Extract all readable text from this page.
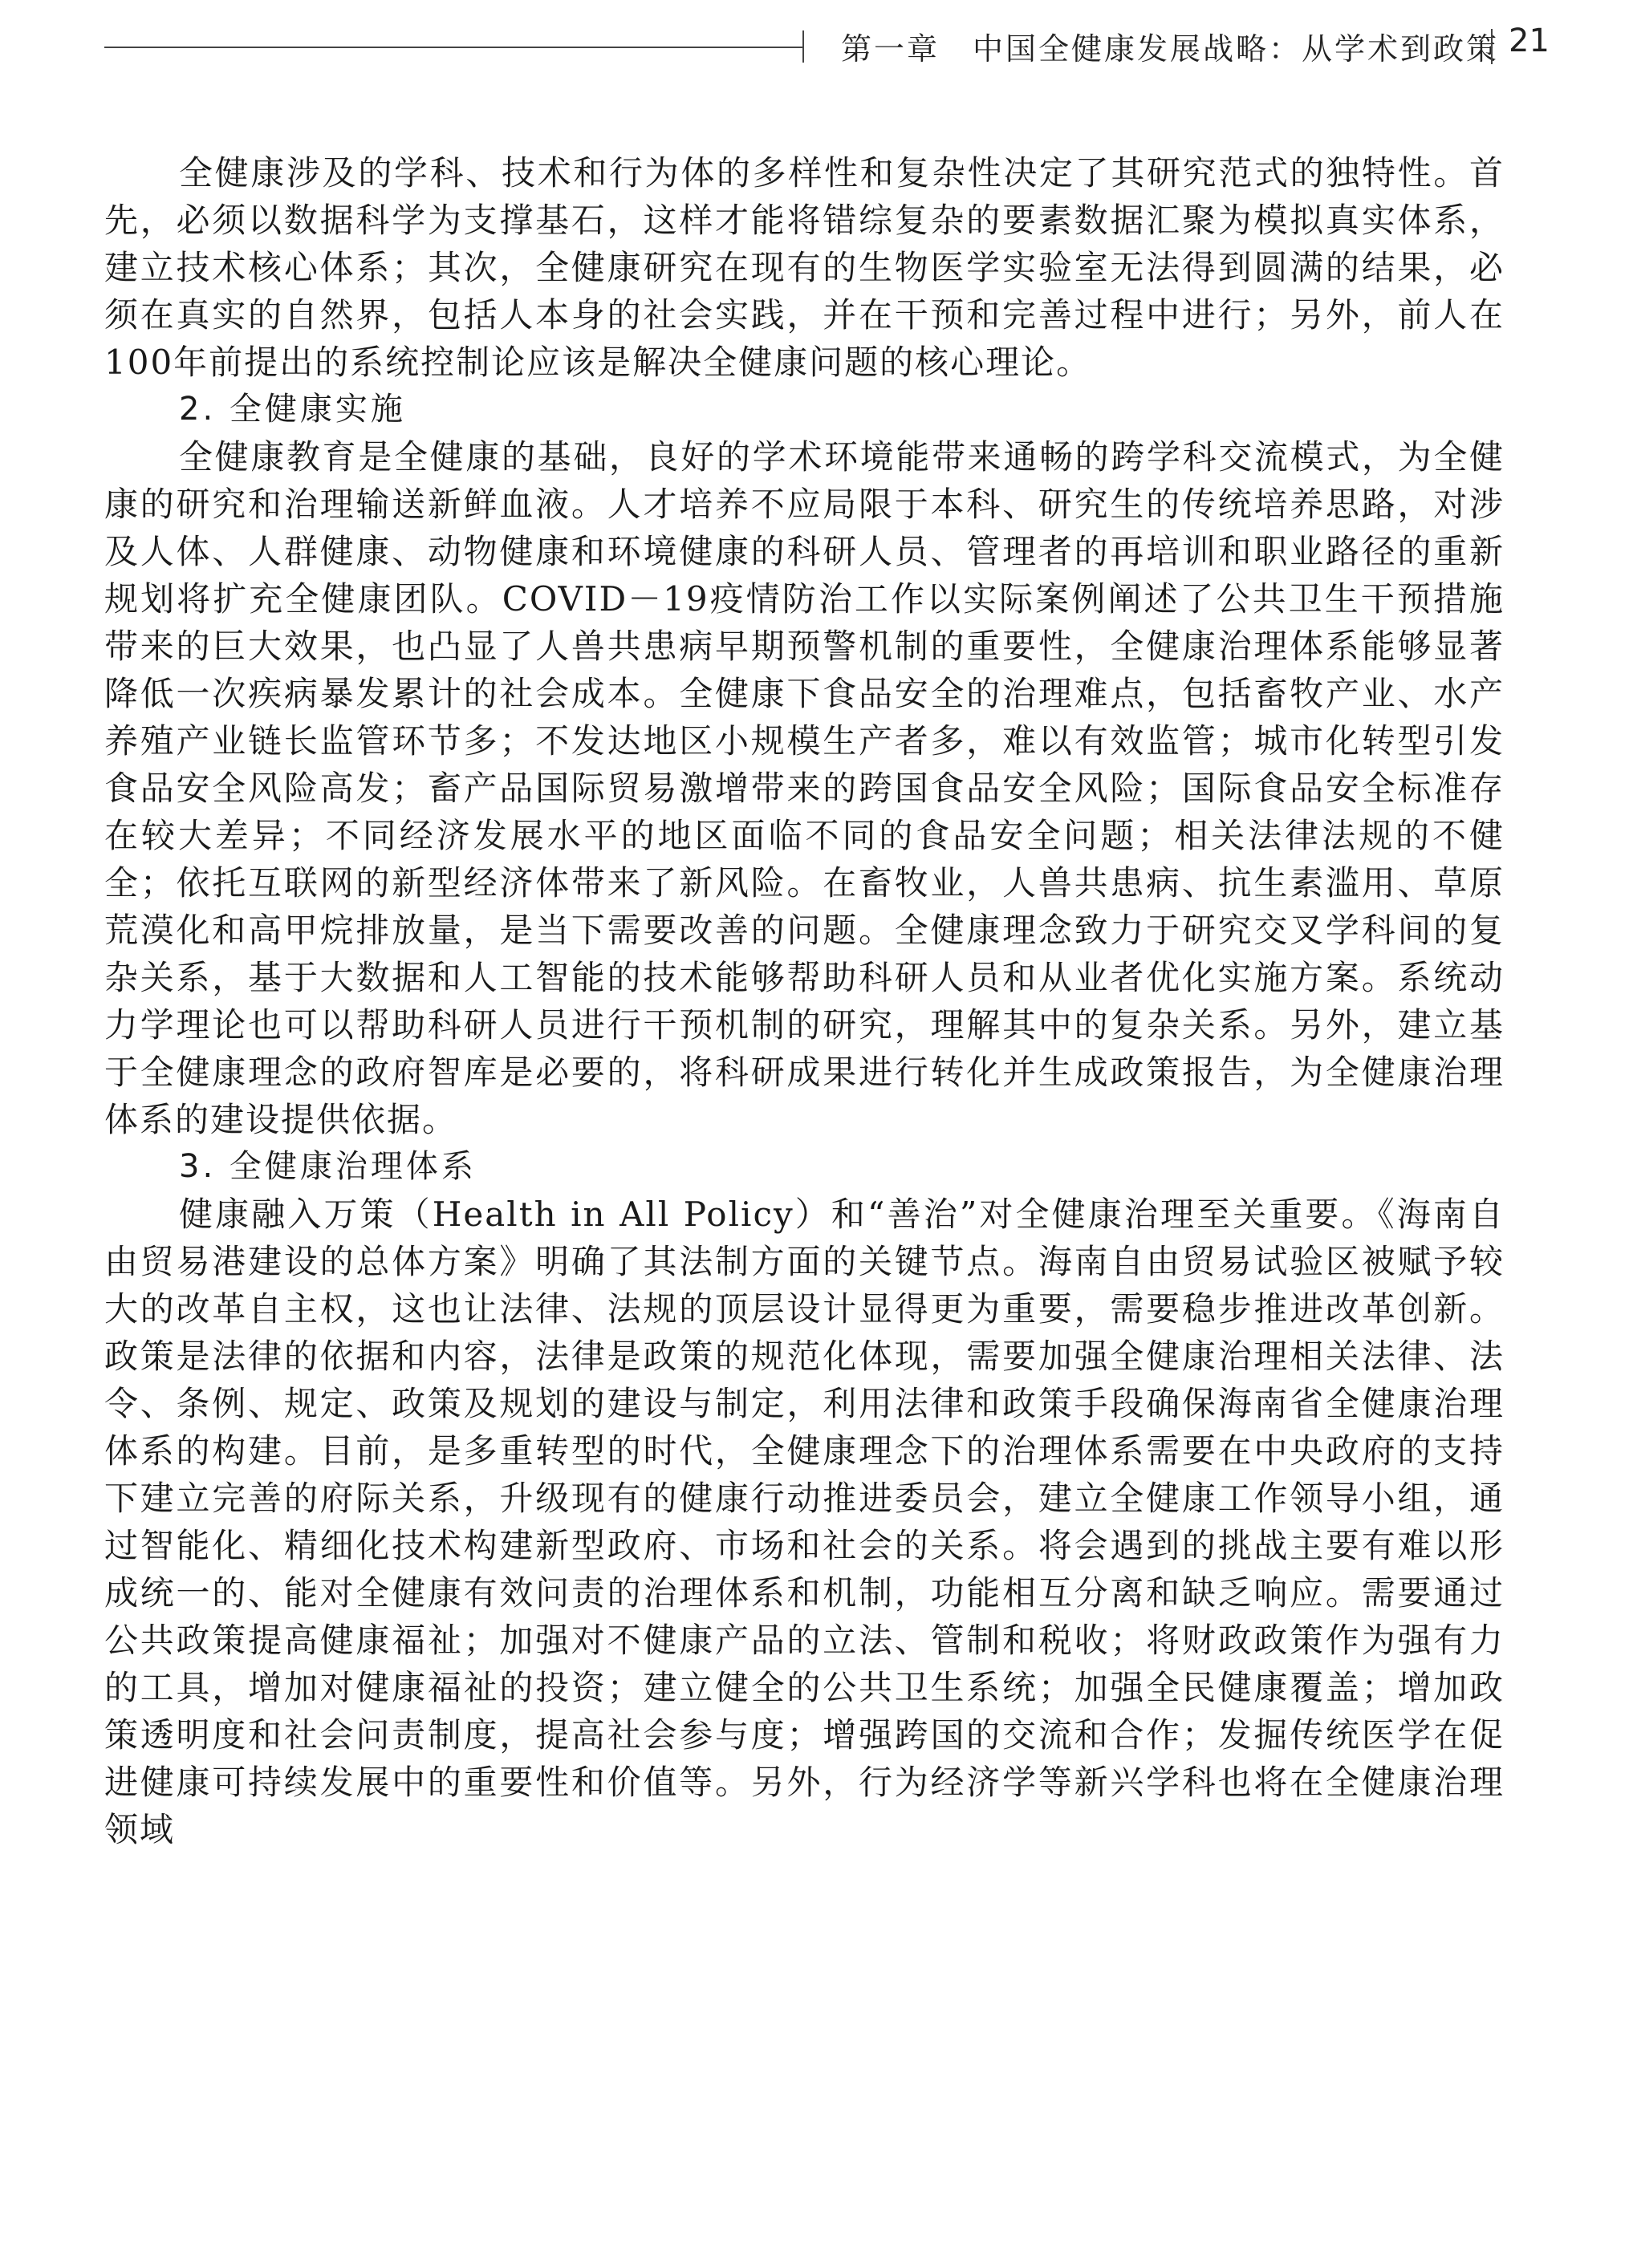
第一章　中国全健康发展战略：从学术到政策 21

全健康涉及的学科、技术和行为体的多样性和复杂性决定了其研究范式的独特性。首先，必须以数据科学为支撑基石，这样才能将错综复杂的要素数据汇聚为模拟真实体系，建立技术核心体系；其次，全健康研究在现有的生物医学实验室无法得到圆满的结果，必须在真实的自然界，包括人本身的社会实践，并在干预和完善过程中进行；另外，前人在100年前提出的系统控制论应该是解决全健康问题的核心理论。

2. 全健康实施

全健康教育是全健康的基础，良好的学术环境能带来通畅的跨学科交流模式，为全健康的研究和治理输送新鲜血液。人才培养不应局限于本科、研究生的传统培养思路，对涉及人体、人群健康、动物健康和环境健康的科研人员、管理者的再培训和职业路径的重新规划将扩充全健康团队。COVID－19疫情防治工作以实际案例阐述了公共卫生干预措施带来的巨大效果，也凸显了人兽共患病早期预警机制的重要性，全健康治理体系能够显著降低一次疾病暴发累计的社会成本。全健康下食品安全的治理难点，包括畜牧产业、水产养殖产业链长监管环节多；不发达地区小规模生产者多，难以有效监管；城市化转型引发食品安全风险高发；畜产品国际贸易激增带来的跨国食品安全风险；国际食品安全标准存在较大差异；不同经济发展水平的地区面临不同的食品安全问题；相关法律法规的不健全；依托互联网的新型经济体带来了新风险。在畜牧业，人兽共患病、抗生素滥用、草原荒漠化和高甲烷排放量，是当下需要改善的问题。全健康理念致力于研究交叉学科间的复杂关系，基于大数据和人工智能的技术能够帮助科研人员和从业者优化实施方案。系统动力学理论也可以帮助科研人员进行干预机制的研究，理解其中的复杂关系。另外，建立基于全健康理念的政府智库是必要的，将科研成果进行转化并生成政策报告，为全健康治理体系的建设提供依据。

3. 全健康治理体系

健康融入万策（Health in All Policy）和“善治”对全健康治理至关重要。《海南自由贸易港建设的总体方案》明确了其法制方面的关键节点。海南自由贸易试验区被赋予较大的改革自主权，这也让法律、法规的顶层设计显得更为重要，需要稳步推进改革创新。政策是法律的依据和内容，法律是政策的规范化体现，需要加强全健康治理相关法律、法令、条例、规定、政策及规划的建设与制定，利用法律和政策手段确保海南省全健康治理体系的构建。目前，是多重转型的时代，全健康理念下的治理体系需要在中央政府的支持下建立完善的府际关系，升级现有的健康行动推进委员会，建立全健康工作领导小组，通过智能化、精细化技术构建新型政府、市场和社会的关系。将会遇到的挑战主要有难以形成统一的、能对全健康有效问责的治理体系和机制，功能相互分离和缺乏响应。需要通过公共政策提高健康福祉；加强对不健康产品的立法、管制和税收；将财政政策作为强有力的工具，增加对健康福祉的投资；建立健全的公共卫生系统；加强全民健康覆盖；增加政策透明度和社会问责制度，提高社会参与度；增强跨国的交流和合作；发掘传统医学在促进健康可持续发展中的重要性和价值等。另外，行为经济学等新兴学科也将在全健康治理领域
